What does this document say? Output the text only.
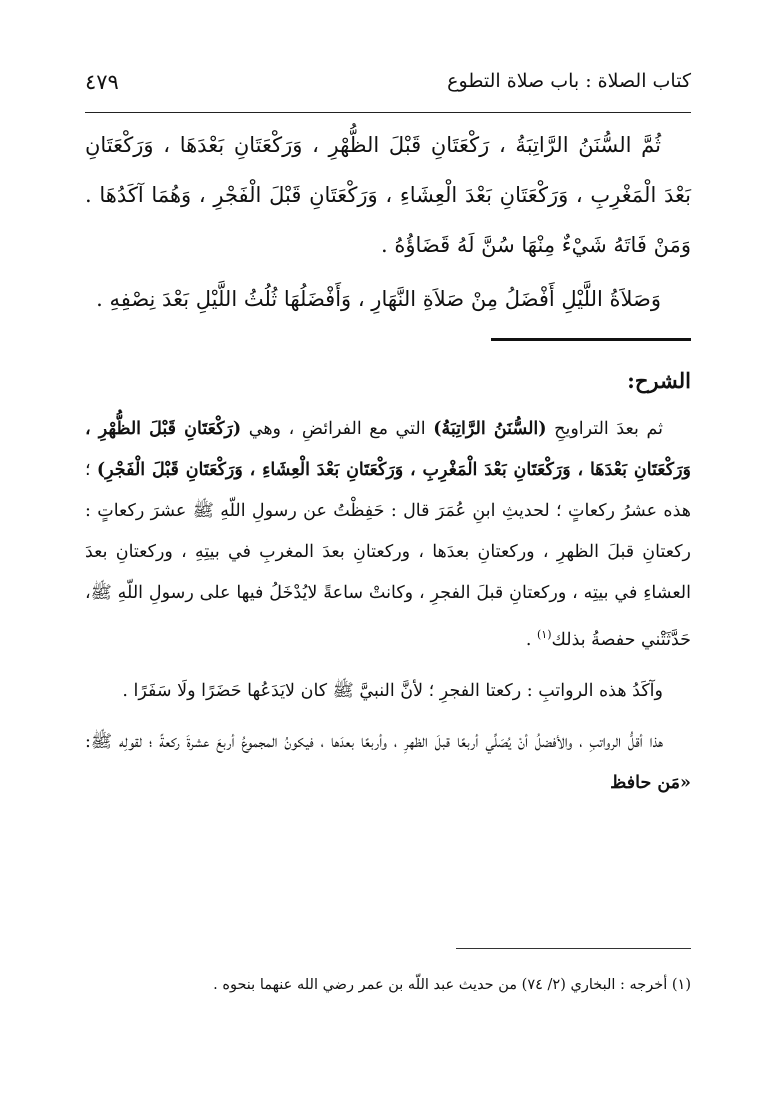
كتاب الصلاة : باب صلاة التطوع
٤٧٩

ثُمَّ السُّنَنُ الرَّاتِبَةُ ، رَكْعَتَانِ قَبْلَ الظُّهْرِ ، وَرَكْعَتَانِ بَعْدَهَا ، وَرَكْعَتَانِ بَعْدَ الْمَغْرِبِ ، وَرَكْعَتَانِ بَعْدَ الْعِشَاءِ ، وَرَكْعَتَانِ قَبْلَ الْفَجْرِ ، وَهُمَا آكَدُهَا . وَمَنْ فَاتَهُ شَيْءٌ مِنْهَا سُنَّ لَهُ قَضَاؤُهُ .

وَصَلاَةُ اللَّيْلِ أَفْضَلُ مِنْ صَلاَةِ النَّهَارِ ، وَأَفْضَلُهَا ثُلُثُ اللَّيْلِ بَعْدَ نِصْفِهِ .

الشرح:

ثم بعدَ التراويحِ (السُّنَنُ الرَّاتِبَةُ) التي مع الفرائضِ ، وهي (رَكْعَتَانِ قَبْلَ الظُّهْرِ ، وَرَكْعَتَانِ بَعْدَهَا ، وَرَكْعَتَانِ بَعْدَ الْمَغْرِبِ ، وَرَكْعَتَانِ بَعْدَ الْعِشَاءِ ، وَرَكْعَتَانِ قَبْلَ الْفَجْرِ) ؛ هذه عشرُ ركعاتٍ ؛ لحديثِ ابنِ عُمَرَ قال : حَفِظْتُ عن رسولِ اللّهِ ﷺ عشرَ ركعاتٍ : ركعتانِ قبلَ الظهرِ ، وركعتانِ بعدَها ، وركعتانِ بعدَ المغربِ في بيتِهِ ، وركعتانِ بعدَ العشاءِ في بيتِه ، وركعتانِ قبلَ الفجرِ ، وكانتْ ساعةً لايُدْخَلُ فيها على رسولِ اللّهِ ﷺ، حَدَّثَتْني حفصةُ بذلك$^{(١)}$ .

وآكَدُ هذه الرواتبِ : ركعتا الفجرِ ؛ لأنَّ النبيَّ ﷺ كان لايَدَعُها حَضَرًا ولَا سَفَرًا .

هذا أقلُّ الرواتبِ ، والأفضلُ أنْ يُصَلِّي أربعًا قبلَ الظهرِ ، وأربعًا بعدَها ، فيكونُ المجموعُ أربعَ عشرةَ ركعةً ؛ لقولِه ﷺ: «مَن حافظ

(١) أخرجه : البخاري (٢/ ٧٤) من حديث عبد اللّه بن عمر رضي الله عنهما بنحوه .
